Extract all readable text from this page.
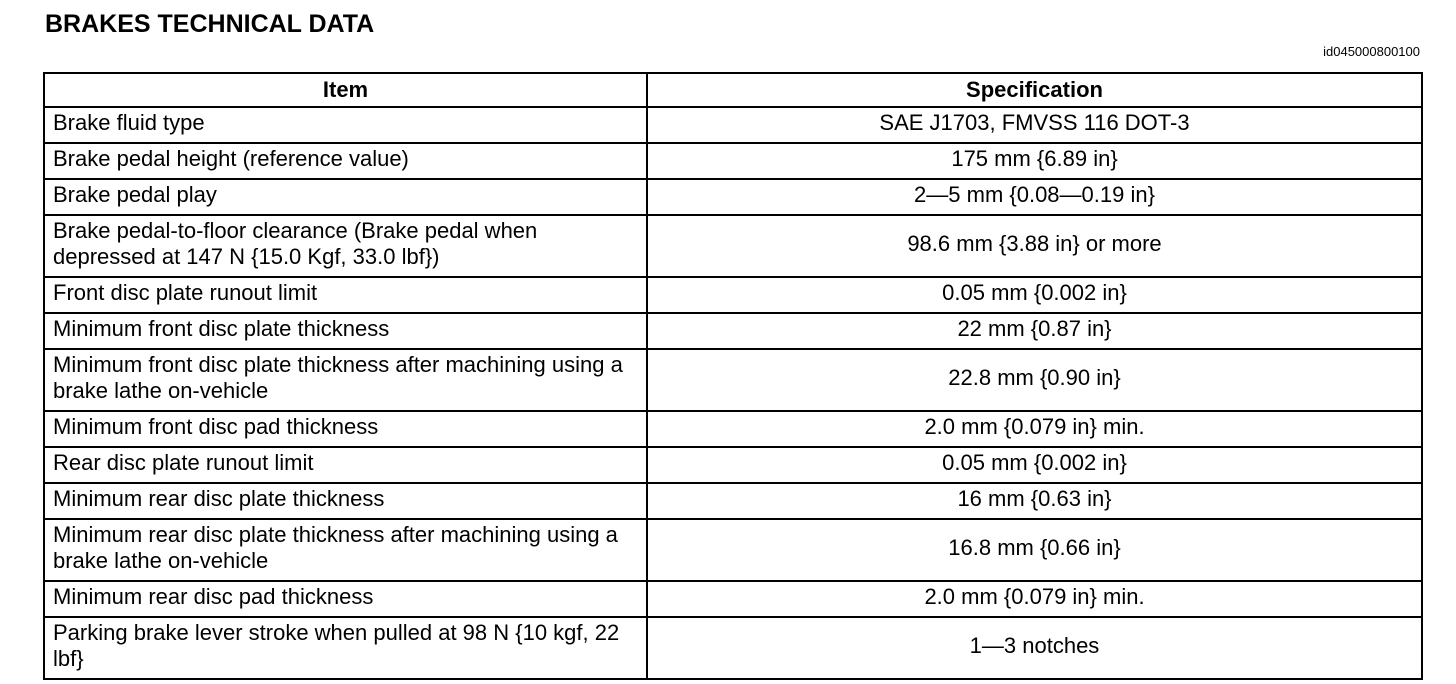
BRAKES TECHNICAL DATA
id045000800100
Item	Specification
Brake fluid type	SAE J1703, FMVSS 116 DOT-3
Brake pedal height (reference value)	175 mm {6.89 in}
Brake pedal play	2—5 mm {0.08—0.19 in}
Brake pedal-to-floor clearance (Brake pedal when depressed at 147 N {15.0 Kgf, 33.0 lbf})	98.6 mm {3.88 in} or more
Front disc plate runout limit	0.05 mm {0.002 in}
Minimum front disc plate thickness	22 mm {0.87 in}
Minimum front disc plate thickness after machining using a brake lathe on-vehicle	22.8 mm {0.90 in}
Minimum front disc pad thickness	2.0 mm {0.079 in} min.
Rear disc plate runout limit	0.05 mm {0.002 in}
Minimum rear disc plate thickness	16 mm {0.63 in}
Minimum rear disc plate thickness after machining using a brake lathe on-vehicle	16.8 mm {0.66 in}
Minimum rear disc pad thickness	2.0 mm {0.079 in} min.
Parking brake lever stroke when pulled at 98 N {10 kgf, 22 lbf}	1—3 notches
